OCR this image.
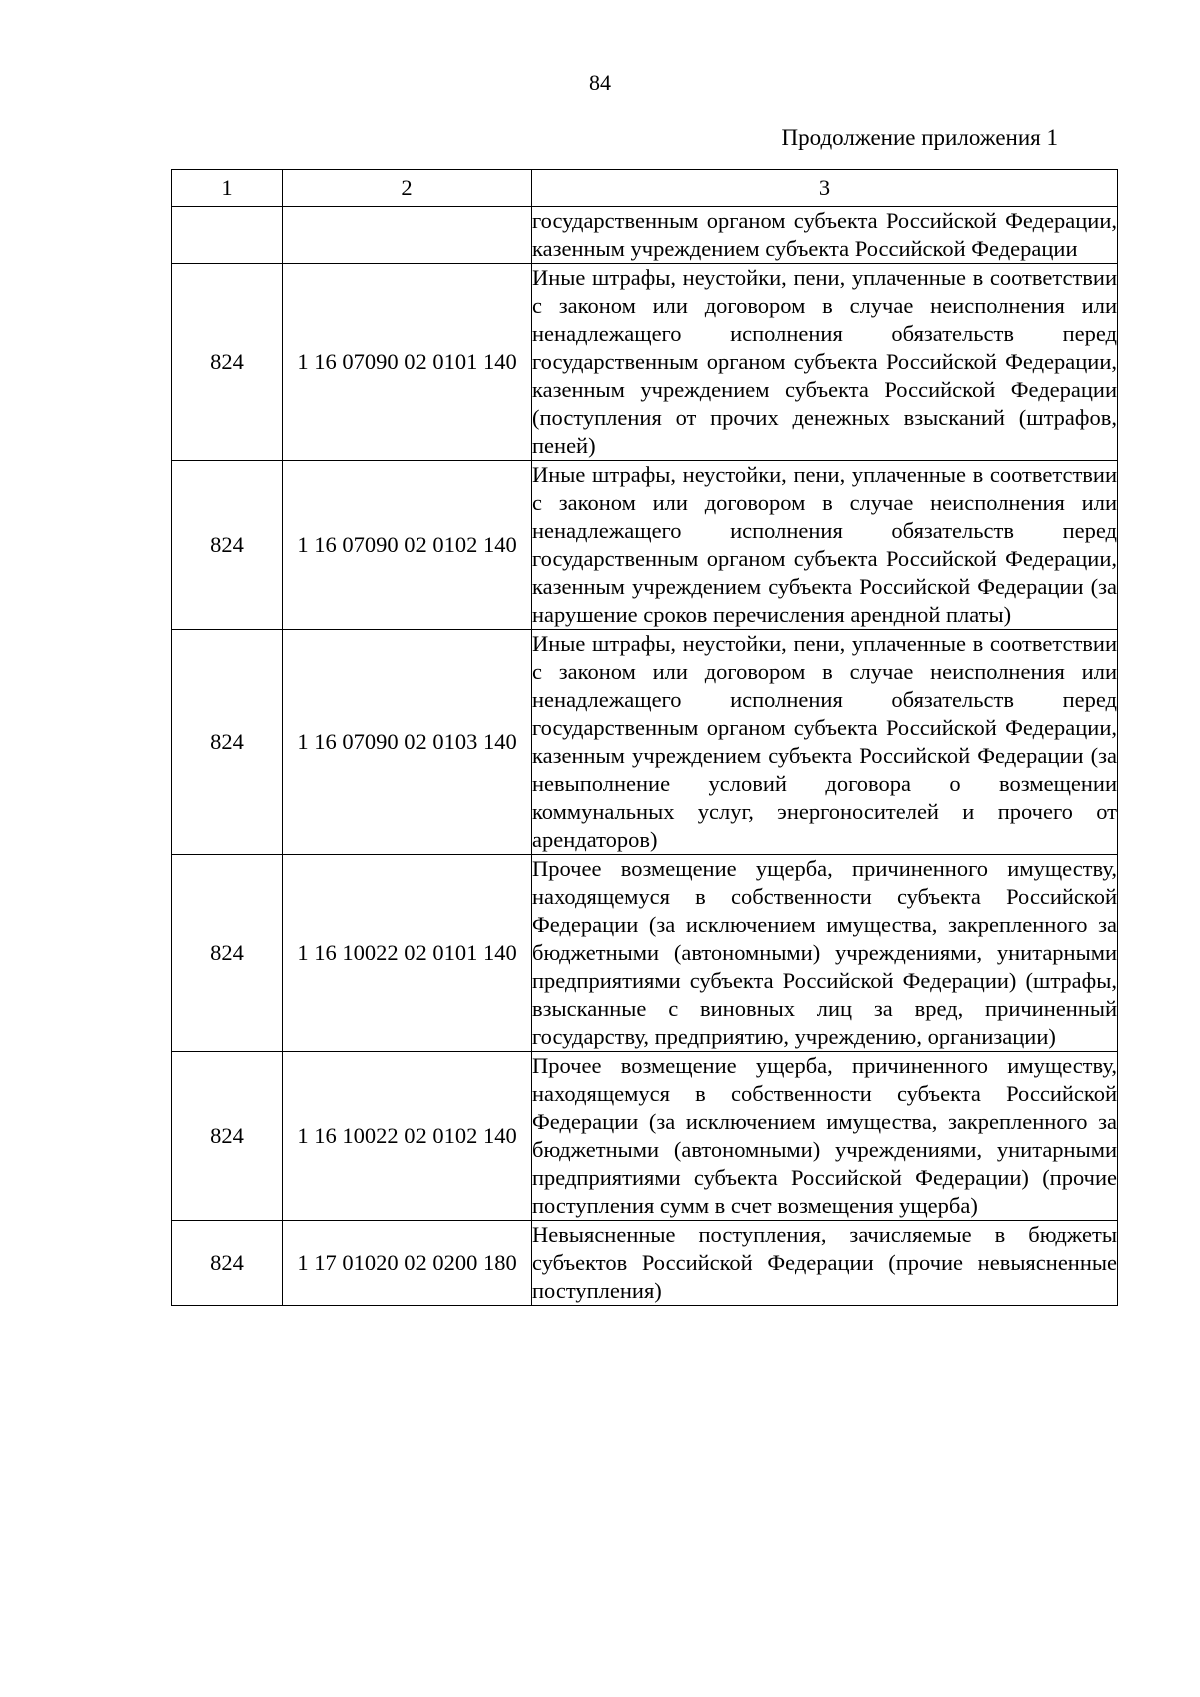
84
Продолжение приложения 1
1	2	3
		государственным органом субъекта Российской Федерации, казенным учреждением субъекта Российской Федерации
824	1 16 07090 02 0101 140	Иные штрафы, неустойки, пени, уплаченные в соответствии с законом или договором в случае неисполнения или ненадлежащего исполнения обязательств перед государственным органом субъекта Российской Федерации, казенным учреждением субъекта Российской Федерации (поступления от прочих денежных взысканий (штрафов, пеней)
824	1 16 07090 02 0102 140	Иные штрафы, неустойки, пени, уплаченные в соответствии с законом или договором в случае неисполнения или ненадлежащего исполнения обязательств перед государственным органом субъекта Российской Федерации, казенным учреждением субъекта Российской Федерации (за нарушение сроков перечисления арендной платы)
824	1 16 07090 02 0103 140	Иные штрафы, неустойки, пени, уплаченные в соответствии с законом или договором в случае неисполнения или ненадлежащего исполнения обязательств перед государственным органом субъекта Российской Федерации, казенным учреждением субъекта Российской Федерации (за невыполнение условий договора о возмещении коммунальных услуг, энергоносителей и прочего от арендаторов)
824	1 16 10022 02 0101 140	Прочее возмещение ущерба, причиненного имуществу, находящемуся в собственности субъекта Российской Федерации (за исключением имущества, закрепленного за бюджетными (автономными) учреждениями, унитарными предприятиями субъекта Российской Федерации) (штрафы, взысканные с виновных лиц за вред, причиненный государству, предприятию, учреждению, организации)
824	1 16 10022 02 0102 140	Прочее возмещение ущерба, причиненного имуществу, находящемуся в собственности субъекта Российской Федерации (за исключением имущества, закрепленного за бюджетными (автономными) учреждениями, унитарными предприятиями субъекта Российской Федерации) (прочие поступления сумм в счет возмещения ущерба)
824	1 17 01020 02 0200 180	Невыясненные поступления, зачисляемые в бюджеты субъектов Российской Федерации (прочие невыясненные поступления)
